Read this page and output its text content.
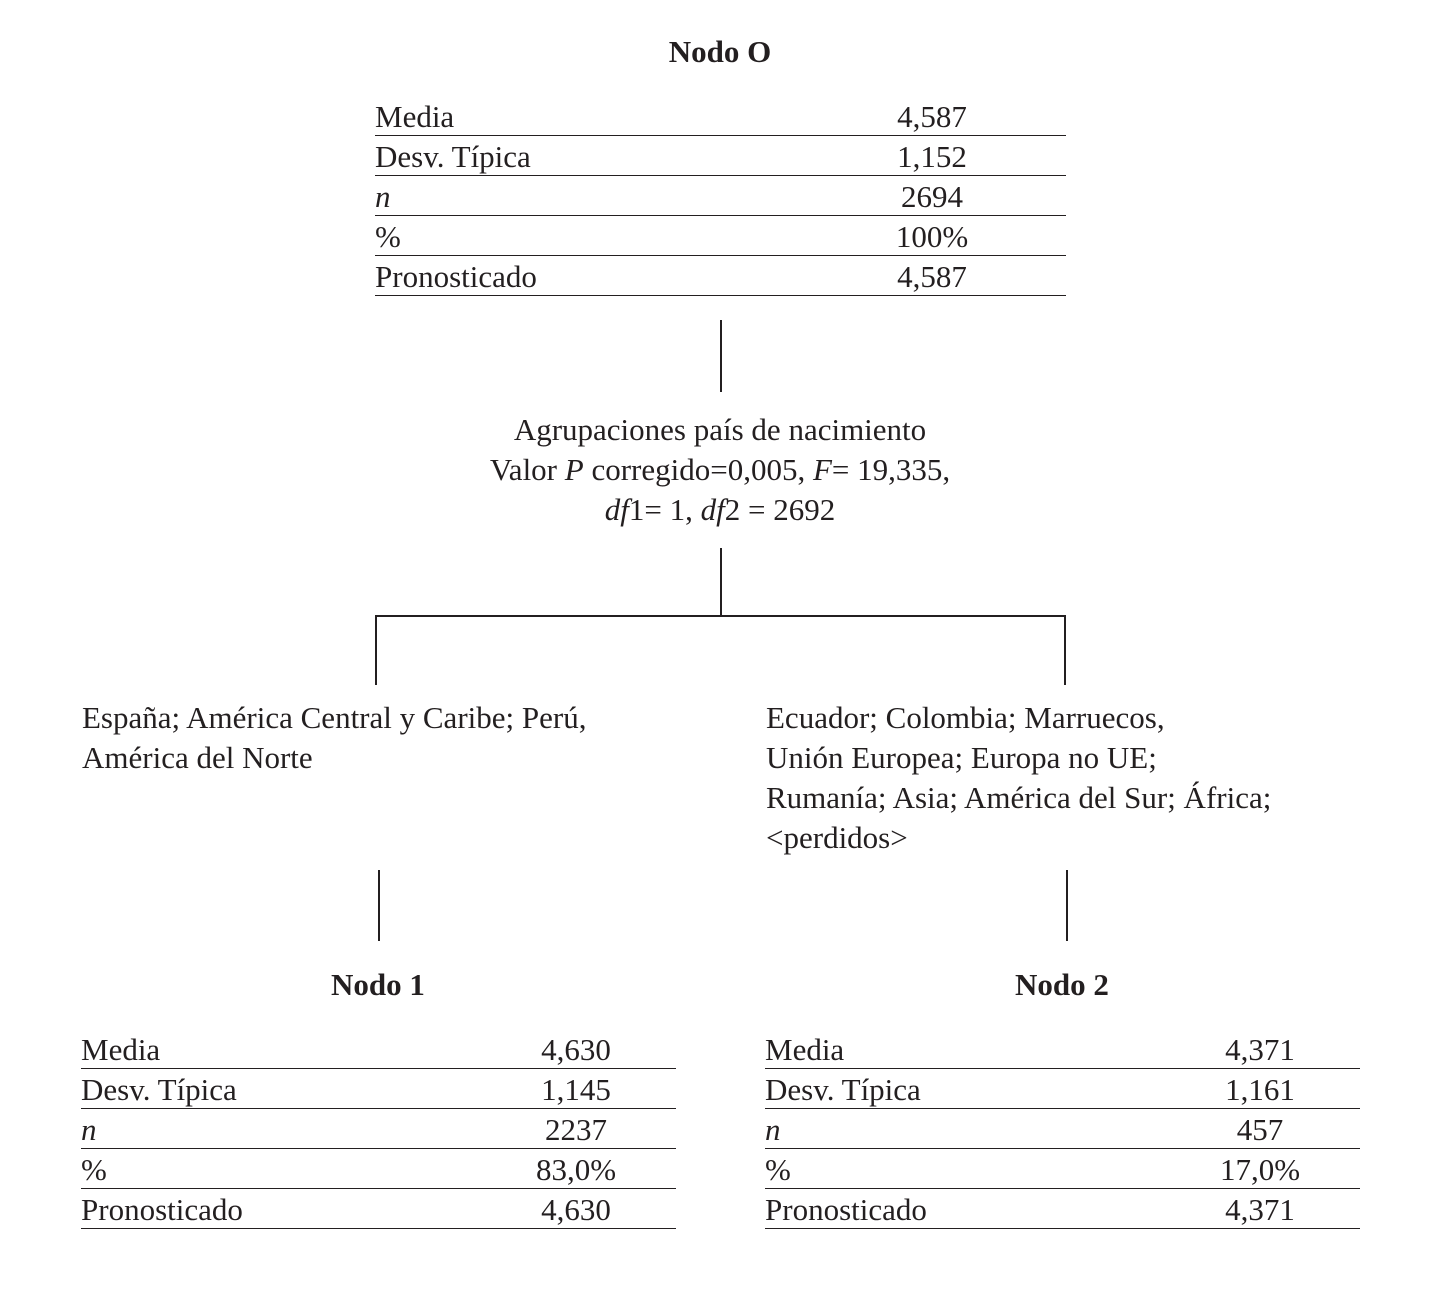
Nodo O
Media	4,587
Desv. Típica	1,152
n	2694
%	100%
Pronosticado	4,587
Agrupaciones país de nacimiento
Valor P corregido=0,005, F= 19,335,
df1= 1, df2 = 2692
España; América Central y Caribe; Perú,
América del Norte
Ecuador; Colombia; Marruecos,
Unión Europea; Europa no UE;
Rumanía; Asia; América del Sur; África;
<perdidos>
Nodo 1
Media	4,630
Desv. Típica	1,145
n	2237
%	83,0%
Pronosticado	4,630
Nodo 2
Media	4,371
Desv. Típica	1,161
n	457
%	17,0%
Pronosticado	4,371
